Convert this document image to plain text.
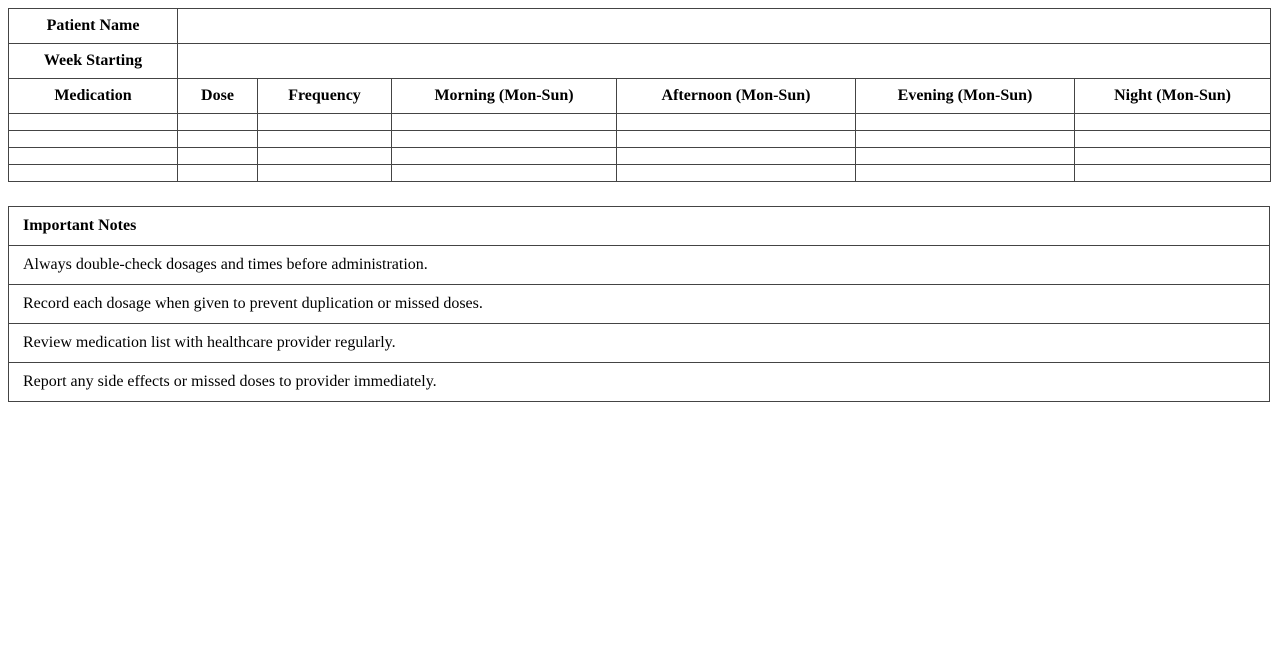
Patient Name						
Week Starting						
Medication	Dose	Frequency	Morning (Mon-Sun)	Afternoon (Mon-Sun)	Evening (Mon-Sun)	Night (Mon-Sun)

Important Notes
Always double-check dosages and times before administration.
Record each dosage when given to prevent duplication or missed doses.
Review medication list with healthcare provider regularly.
Report any side effects or missed doses to provider immediately.
